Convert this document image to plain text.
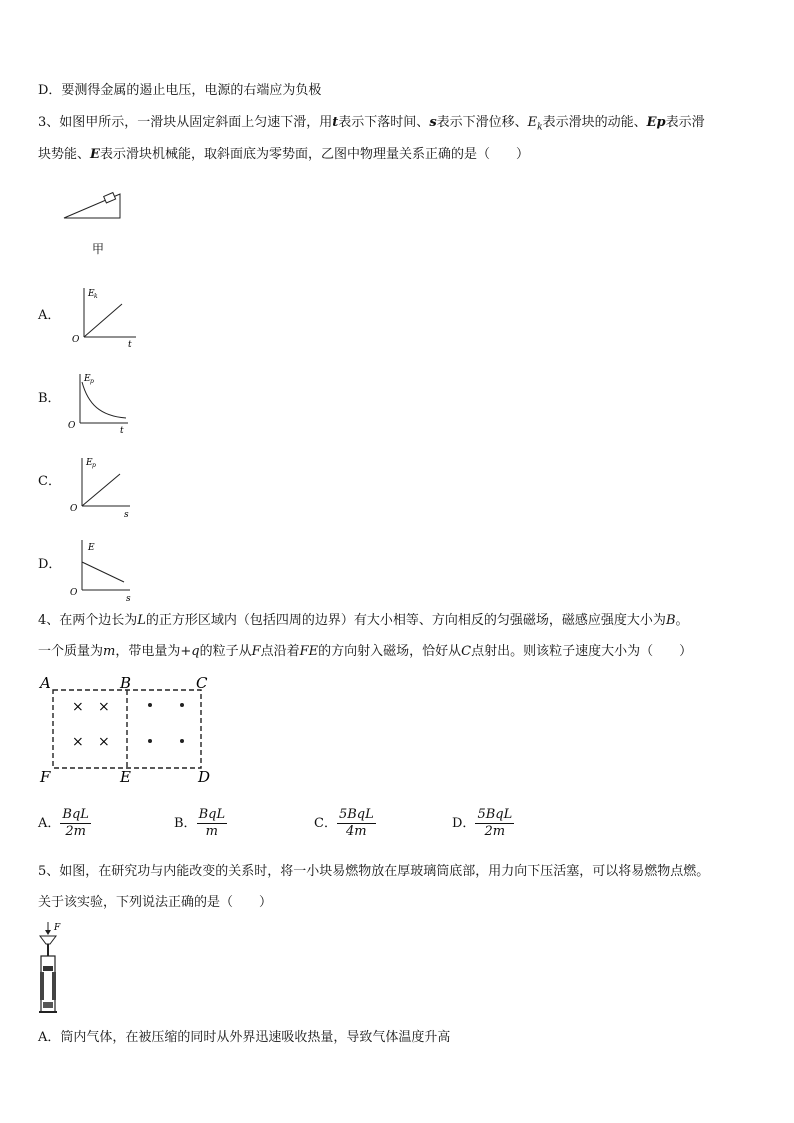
D．要测得金属的遏止电压，电源的右端应为负极
3、如图甲所示，一滑块从固定斜面上匀速下滑，用t表示下落时间、s表示下滑位移、$E_k$表示滑块的动能、Ep表示滑
块势能、E表示滑块机械能，取斜面底为零势面，乙图中物理量关系正确的是（　　）
甲
A．
E k
O	t
B．
E p
O	t
C．
E p
O
s
D．
E
O
s
4、在两个边长为L的正方形区域内（包括四周的边界）有大小相等、方向相反的匀强磁场，磁感应强度大小为B。
一个质量为m，带电量为+q的粒子从F点沿着FE的方向射入磁场，恰好从C点射出。则该粒子速度大小为（　　）
× ×
× ×
A	B	C
F	E	D
A． $\frac{\text{BqL}}{2m}$	B． $\frac{\text{BqL}}{m}$	C． $\frac{\text{5BqL}}{4m}$	D． $\frac{\text{5BqL}}{2m}$
5、如图，在研究功与内能改变的关系时，将一小块易燃物放在厚玻璃筒底部，用力向下压活塞，可以将易燃物点燃。
关于该实验，下列说法正确的是（　　）
F
A．筒内气体，在被压缩的同时从外界迅速吸收热量，导致气体温度升高
